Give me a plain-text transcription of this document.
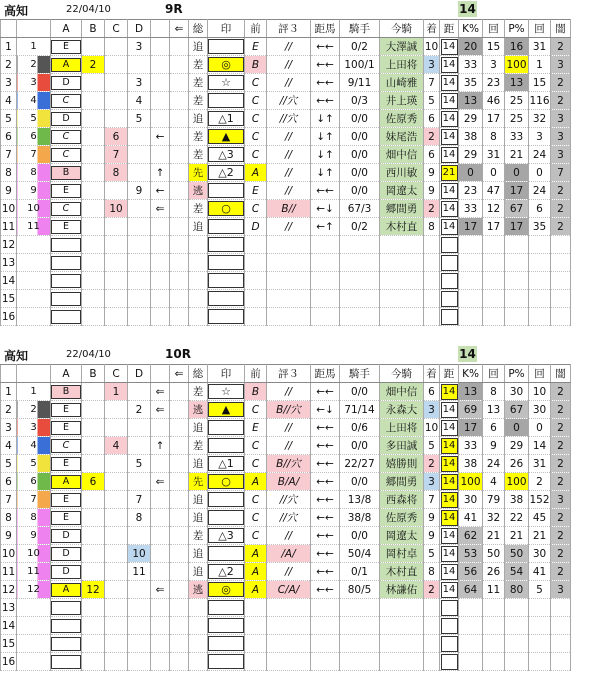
高知	22/04/10	9R	14
		A	B	C	D		⇐	総	印	前	評３	距馬	騎手	今騎	着	距	K%	回	P%	回	闇
1	1	E			3			追		E	//	←←	0/2	大澤誠	10	14	20	15	16	31	2
2	2	A	2					差	◎	B	//	←←	100/1	上田将	3	14	33	3	100	1	3
3	3	D			3			差	☆	C	//	←←	9/11	山崎雅	7	14	35	23	13	15	2
4	4	C			4			差		C	//穴	←←	0/3	井上瑛	5	14	13	46	25	116	2
5	5	D			5			追	△1	C	//穴	↓↑	0/0	佐原秀	6	14	29	17	25	32	3
6	6	C		6		←		差	▲	C	//	↓↑	0/0	妹尾浩	2	14	38	8	33	3	3
7	7	C		7				差	△3	C	//	↓↑	0/0	畑中信	6	14	29	31	21	24	3
8	8	B		8		↑		先	△2	A	//	↓↑	0/0	西川敏	9	21	0	0	0	0	7
9	9	E			9	←		逃		E	//	←←	0/0	岡遼太	9	14	23	47	17	24	2
10	10	C		10		⇐		差	○	C	B//	←↓	67/3	郷間勇	2	14	33	12	67	6	2
11	11	E						追		D	//	←↑	0/2	木村直	8	14	17	17	17	35	2
12																					
13																					
14																					
15																					
16																					
高知	22/04/10	10R	14
		A	B	C	D		⇐	総	印	前	評３	距馬	騎手	今騎	着	距	K%	回	P%	回	闇
1	1	B		1		⇐		差	☆	B	//	←←	0/0	畑中信	6	14	13	8	30	10	2
2	2	E			2	⇐		逃	▲	C	B//穴	←↓	71/14	永森大	3	14	69	13	67	30	2
3	3	E						追		E	//	←←	0/6	上田将	10	14	17	6	0	0	2
4	4	C		4		↑		差		C	//	←←	0/0	多田誠	5	14	33	9	29	14	2
5	5	E			5			追	△1	C	B//穴	←←	22/27	嬉勝則	2	14	38	24	26	31	2
6	6	A	6			⇐		先	○	A	B/A/	←←	0/0	郷間勇	3	14	100	4	100	2	2
7	7	E			7			追		C	//穴	←←	13/8	西森将	7	14	30	79	38	152	3
8	8	E			8			追		C	//穴	←←	38/8	佐原秀	9	14	41	32	22	45	2
9	9	D						差	△3	C	//	←←	0/0	岡遼太	9	14	62	21	21	21	2
10	10	D			10			追		A	/A/	←←	50/4	岡村卓	5	14	53	50	50	30	2
11	11	D			11			追	△2	A	//	←←	0/1	木村直	8	14	56	26	54	41	2
12	12	A	12			⇐		逃	◎	A	C/A/	←←	80/5	林謙佑	2	14	64	11	80	5	3
13																					
14																					
15																					
16																					
